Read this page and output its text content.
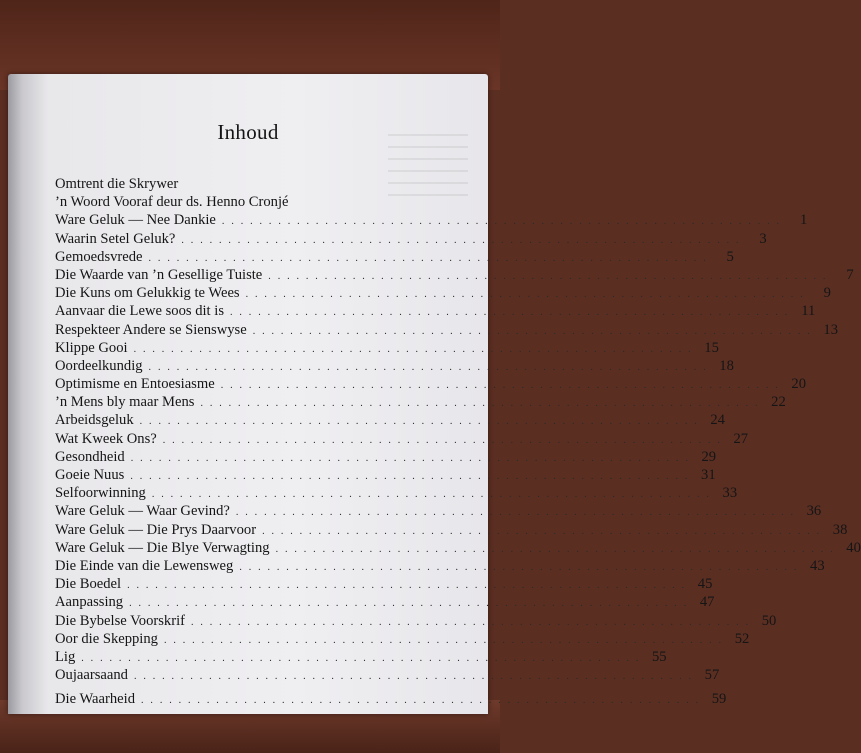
Inhoud
Omtrent die Skrywer
’n Woord Vooraf deur ds. Henno Cronjé
Ware Geluk — Nee Dankie . . . . . . . . . . . . . . . . . . . . . . . . . . . . . . . . . . . . . . . . . . . . . . . . . . . . . . . . . . . .	1
Waarin Setel Geluk? . . . . . . . . . . . . . . . . . . . . . . . . . . . . . . . . . . . . . . . . . . . . . . . . . . . . . . . . . . . .	3
Gemoedsvrede . . . . . . . . . . . . . . . . . . . . . . . . . . . . . . . . . . . . . . . . . . . . . . . . . . . . . . . . . . . .	5
Die Waarde van ’n Gesellige Tuiste . . . . . . . . . . . . . . . . . . . . . . . . . . . . . . . . . . . . . . . . . . . . . . . . . . . . . . . . . . . .	7
Die Kuns om Gelukkig te Wees . . . . . . . . . . . . . . . . . . . . . . . . . . . . . . . . . . . . . . . . . . . . . . . . . . . . . . . . . . . .	9
Aanvaar die Lewe soos dit is . . . . . . . . . . . . . . . . . . . . . . . . . . . . . . . . . . . . . . . . . . . . . . . . . . . . . . . . . . . . 11
Respekteer Andere se Sienswyse . . . . . . . . . . . . . . . . . . . . . . . . . . . . . . . . . . . . . . . . . . . . . . . . . . . . . . . . . . . . 13
Klippe Gooi . . . . . . . . . . . . . . . . . . . . . . . . . . . . . . . . . . . . . . . . . . . . . . . . . . . . . . . . . . . . 15
Oordeelkundig . . . . . . . . . . . . . . . . . . . . . . . . . . . . . . . . . . . . . . . . . . . . . . . . . . . . . . . . . . . . 18
Optimisme en Entoesiasme . . . . . . . . . . . . . . . . . . . . . . . . . . . . . . . . . . . . . . . . . . . . . . . . . . . . . . . . . . . . 20
’n Mens bly maar Mens . . . . . . . . . . . . . . . . . . . . . . . . . . . . . . . . . . . . . . . . . . . . . . . . . . . . . . . . . . . . 22
Arbeidsgeluk . . . . . . . . . . . . . . . . . . . . . . . . . . . . . . . . . . . . . . . . . . . . . . . . . . . . . . . . . . . . 24
Wat Kweek Ons? . . . . . . . . . . . . . . . . . . . . . . . . . . . . . . . . . . . . . . . . . . . . . . . . . . . . . . . . . . . . 27
Gesondheid . . . . . . . . . . . . . . . . . . . . . . . . . . . . . . . . . . . . . . . . . . . . . . . . . . . . . . . . . . . . 29
Goeie Nuus . . . . . . . . . . . . . . . . . . . . . . . . . . . . . . . . . . . . . . . . . . . . . . . . . . . . . . . . . . . . 31
Selfoorwinning . . . . . . . . . . . . . . . . . . . . . . . . . . . . . . . . . . . . . . . . . . . . . . . . . . . . . . . . . . . . 33
Ware Geluk — Waar Gevind? . . . . . . . . . . . . . . . . . . . . . . . . . . . . . . . . . . . . . . . . . . . . . . . . . . . . . . . . . . . . 36
Ware Geluk — Die Prys Daarvoor . . . . . . . . . . . . . . . . . . . . . . . . . . . . . . . . . . . . . . . . . . . . . . . . . . . . . . . . . . . . 38
Ware Geluk — Die Blye Verwagting . . . . . . . . . . . . . . . . . . . . . . . . . . . . . . . . . . . . . . . . . . . . . . . . . . . . . . . . . . . . 40
Die Einde van die Lewensweg . . . . . . . . . . . . . . . . . . . . . . . . . . . . . . . . . . . . . . . . . . . . . . . . . . . . . . . . . . . . 43
Die Boedel . . . . . . . . . . . . . . . . . . . . . . . . . . . . . . . . . . . . . . . . . . . . . . . . . . . . . . . . . . . . 45
Aanpassing . . . . . . . . . . . . . . . . . . . . . . . . . . . . . . . . . . . . . . . . . . . . . . . . . . . . . . . . . . . . 47
Die Bybelse Voorskrif . . . . . . . . . . . . . . . . . . . . . . . . . . . . . . . . . . . . . . . . . . . . . . . . . . . . . . . . . . . . 50
Oor die Skepping . . . . . . . . . . . . . . . . . . . . . . . . . . . . . . . . . . . . . . . . . . . . . . . . . . . . . . . . . . . . 52
Lig . . . . . . . . . . . . . . . . . . . . . . . . . . . . . . . . . . . . . . . . . . . . . . . . . . . . . . . . . . . . 55
Oujaarsaand . . . . . . . . . . . . . . . . . . . . . . . . . . . . . . . . . . . . . . . . . . . . . . . . . . . . . . . . . . . . 57
Die Waarheid . . . . . . . . . . . . . . . . . . . . . . . . . . . . . . . . . . . . . . . . . . . . . . . . . . . . . . . . . . . . 59
